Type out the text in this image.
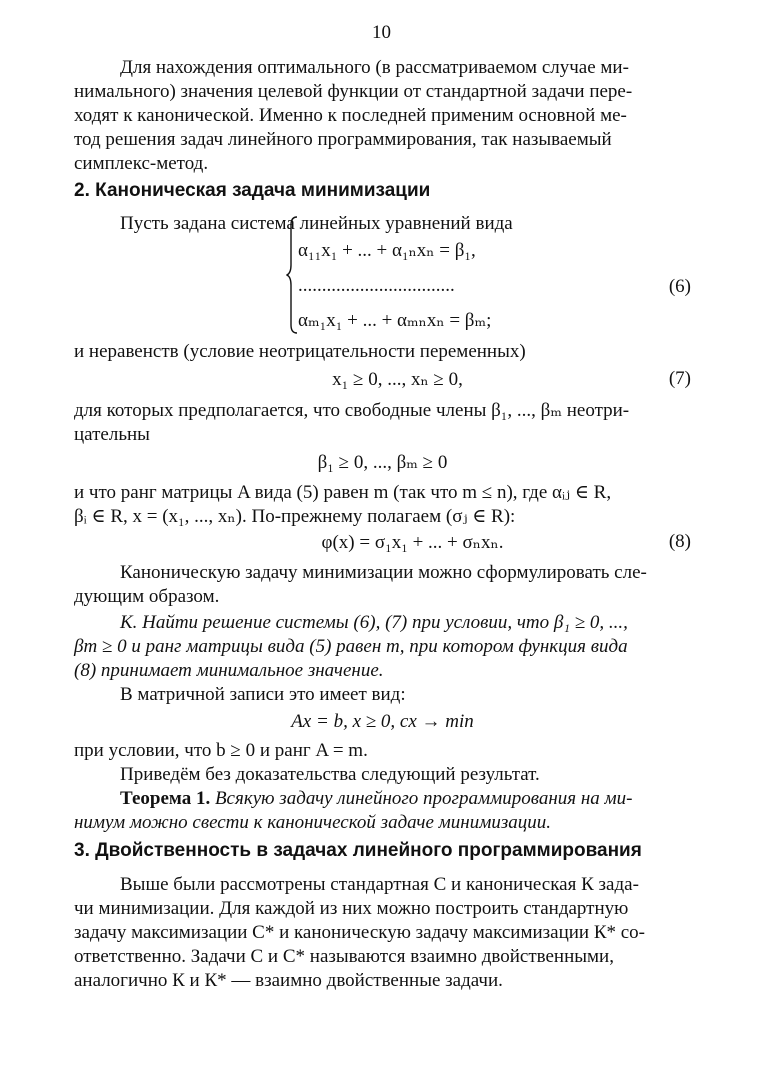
10
Для нахождения оптимального (в рассматриваемом случае ми-
нимального) значения целевой функции от стандартной задачи пере-
ходят к канонической. Именно к последней применим основной ме-
тод решения задач линейного программирования, так называемый
симплекс-метод.
2. Каноническая задача минимизации
Пусть задана система линейных уравнений вида
α₁₁x₁ + ... + α₁ₙxₙ = β₁,
.................................
αₘ₁x₁ + ... + αₘₙxₙ = βₘ;
(6)
и неравенств (условие неотрицательности переменных)
x₁ ≥ 0, ..., xₙ ≥ 0,	(7)
для которых предполагается, что свободные члены β₁, ..., βₘ неотри-
цательны
β₁ ≥ 0, ..., βₘ ≥ 0
и что ранг матрицы A вида (5) равен m (так что m ≤ n), где αᵢⱼ ∈ R,
βᵢ ∈ R, x = (x₁, ..., xₙ). По-прежнему полагаем (σⱼ ∈ R):
φ(x) = σ₁x₁ + ... + σₙxₙ.	(8)
Каноническую задачу минимизации можно сформулировать сле-
дующим образом.
К. Найти решение системы (6), (7) при условии, что β₁ ≥ 0, ...,
βm ≥ 0 и ранг матрицы вида (5) равен m, при котором функция вида
(8) принимает минимальное значение.
В матричной записи это имеет вид:
Ax = b, x ≥ 0, cx → min
при условии, что b ≥ 0 и ранг A = m.
Приведём без доказательства следующий результат.
Теорема 1. Всякую задачу линейного программирования на ми-
нимум можно свести к канонической задаче минимизации.
3. Двойственность в задачах линейного программирования
Выше были рассмотрены стандартная С и каноническая К зада-
чи минимизации. Для каждой из них можно построить стандартную
задачу максимизации С* и каноническую задачу максимизации К* со-
ответственно. Задачи С и С* называются взаимно двойственными,
аналогично К и К* — взаимно двойственные задачи.
